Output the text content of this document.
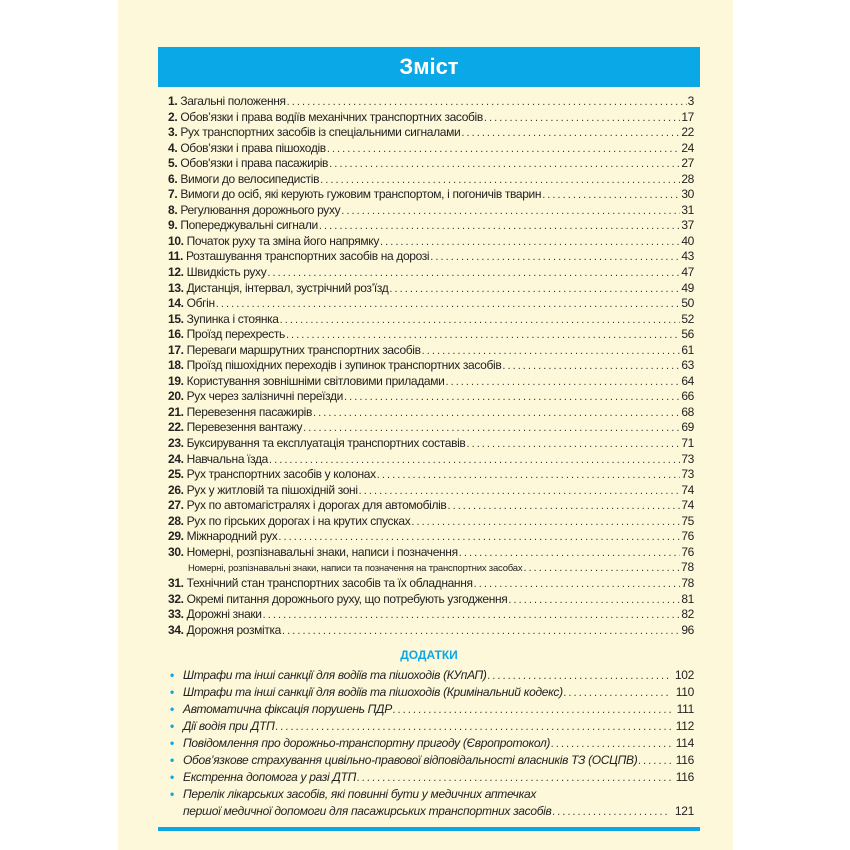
Зміст
1. Загальні положення . . .	3
2. Обов’язки і права водіїв механічних транспортних засобів . . .	17
3. Рух транспортних засобів із спеціальними сигналами . . .	22
4. Обов’язки і права пішоходів . . .	24
5. Обов'язки і права пасажирів . . .	27
6. Вимоги до велосипедистів . . .	28
7. Вимоги до осіб, які керують гужовим транспортом, і погоничів тварин . . .	30
8. Регулювання дорожнього руху . . .	31
9. Попереджувальні сигнали . . .	37
10. Початок руху та зміна його напрямку . . .	40
11. Розташування транспортних засобів на дорозі . . .	43
12. Швидкість руху . . .	47
13. Дистанція, інтервал, зустрічний роз’їзд . . .	49
14. Обгін . . .	50
15. Зупинка і стоянка . . .	52
16. Проїзд перехресть . . .	56
17. Переваги маршрутних транспортних засобів . . .	61
18. Проїзд пішохідних переходів і зупинок транспортних засобів . . .	63
19. Користування зовнішніми світловими приладами . . .	64
20. Рух через залізничні переїзди . . .	66
21. Перевезення пасажирів . . .	68
22. Перевезення вантажу . . .	69
23. Буксирування та експлуатація транспортних составів . . .	71
24. Навчальна їзда . . .	73
25. Рух транспортних засобів у колонах . . .	73
26. Рух у житловій та пішохідній зоні . . .	74
27. Рух по автомагістралях і дорогах для автомобілів . . .	74
28. Рух по гірських дорогах і на крутих спусках . . .	75
29. Міжнародний рух . . .	76
30. Номерні, розпізнавальні знаки, написи і позначення . . .	76
Номерні, розпізнавальні знаки, написи та позначення на транспортних засобах . . .	78
31. Технічний стан транспортних засобів та їх обладнання . . .	78
32. Окремі питання дорожнього руху, що потребують узгодження . . .	81
33. Дорожні знаки . . .	82
34. Дорожня розмітка . . .	96
ДОДАТКИ
• Штрафи та інші санкції для водіїв та пішоходів (КУпАП) . . .	102
• Штрафи та інші санкції для водіїв та пішоходів (Кримінальний кодекс) . . .	110
• Автоматична фіксація порушень ПДР . . .	111
• Дії водія при ДТП . . .	112
• Повідомлення про дорожньо-транспортну пригоду (Європротокол) . . .	114
• Обов’язкове страхування цивільно-правової відповідальності власників ТЗ (ОСЦПВ) . . .	116
• Екстренна допомога у разі ДТП . . .	116
• Перелік лікарських засобів, які повинні бути у медичних аптечках
першої медичної допомоги для пасажирських транспортних засобів . . .	121
